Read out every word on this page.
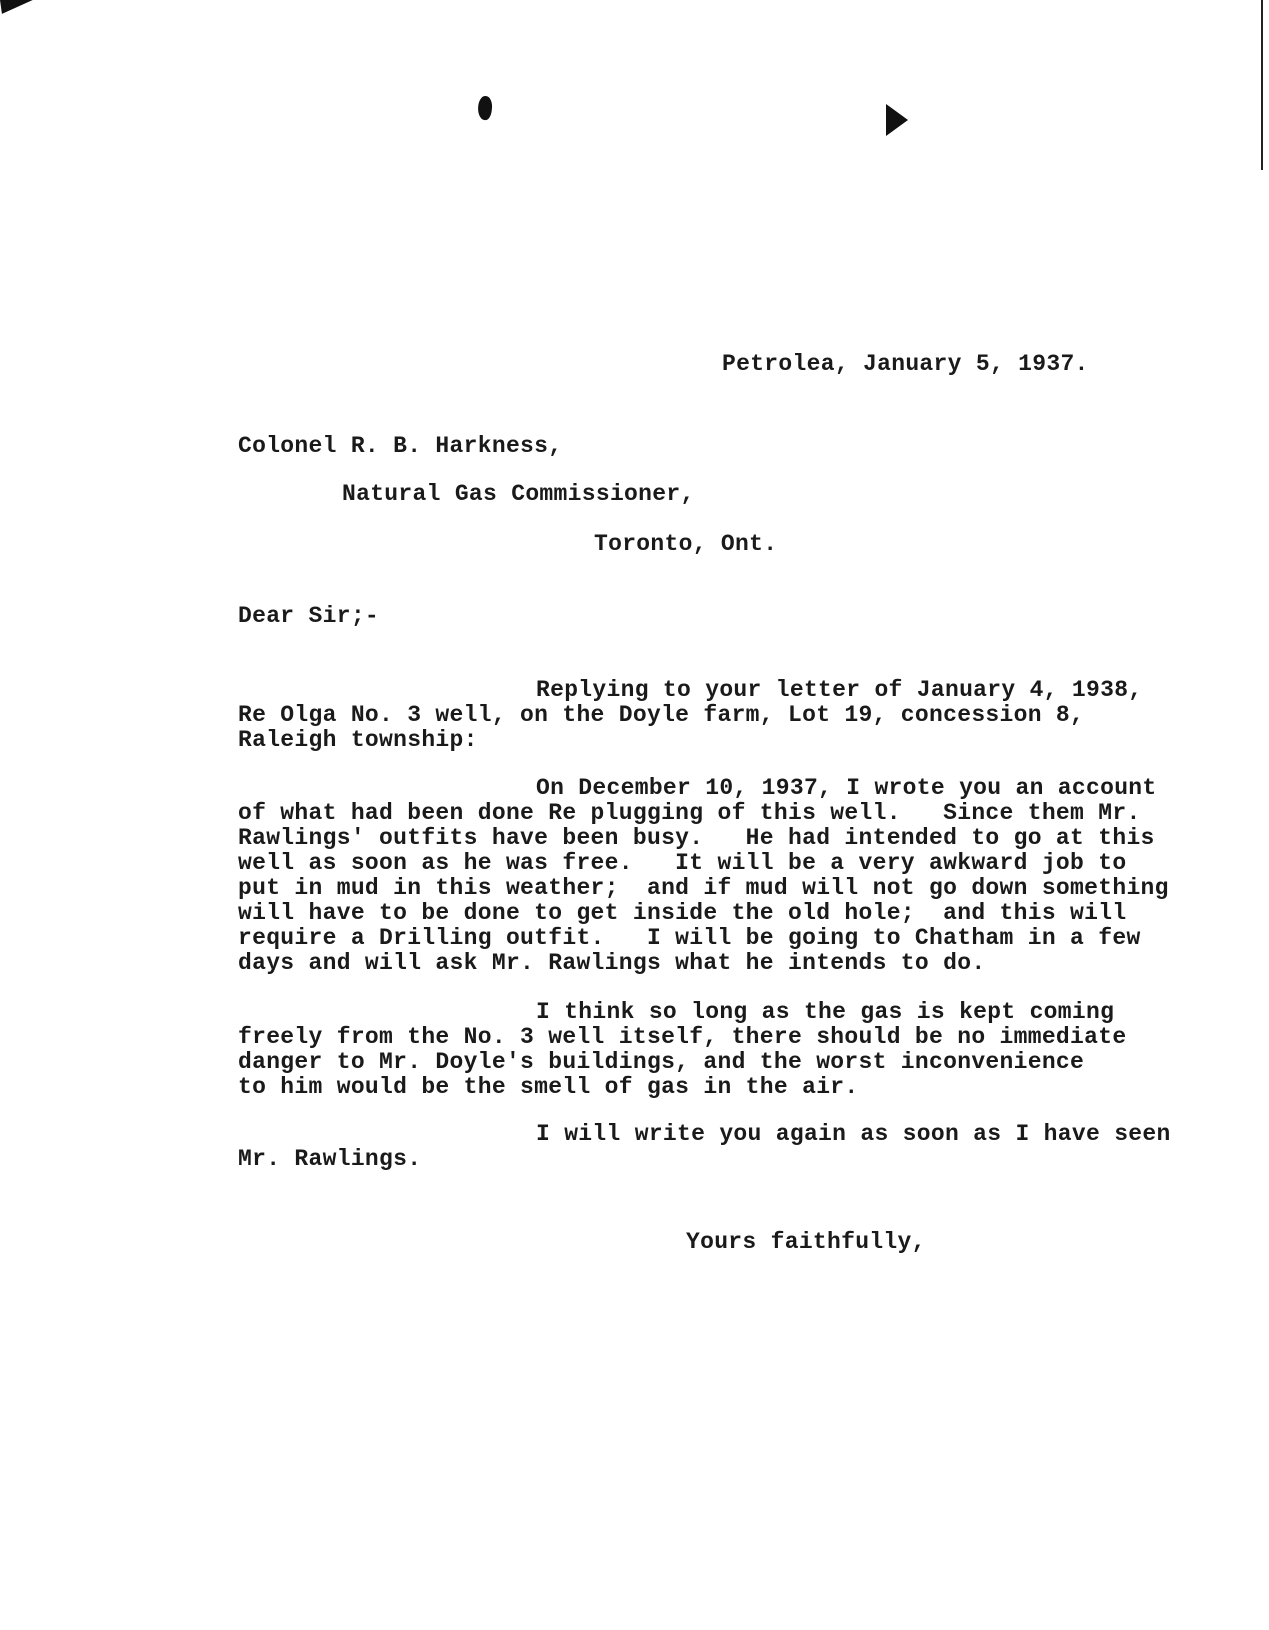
Petrolea, January 5, 1937.
Colonel R. B. Harkness,
Natural Gas Commissioner,
Toronto, Ont.
Dear Sir;-
Replying to your letter of January 4, 1938,
Re Olga No. 3 well, on the Doyle farm, Lot 19, concession 8,
Raleigh township:
On December 10, 1937, I wrote you an account
of what had been done Re plugging of this well.   Since them Mr.
Rawlings' outfits have been busy.   He had intended to go at this
well as soon as he was free.   It will be a very awkward job to
put in mud in this weather;  and if mud will not go down something
will have to be done to get inside the old hole;  and this will
require a Drilling outfit.   I will be going to Chatham in a few
days and will ask Mr. Rawlings what he intends to do.
I think so long as the gas is kept coming
freely from the No. 3 well itself, there should be no immediate
danger to Mr. Doyle's buildings, and the worst inconvenience
to him would be the smell of gas in the air.
I will write you again as soon as I have seen
Mr. Rawlings.
Yours faithfully,
